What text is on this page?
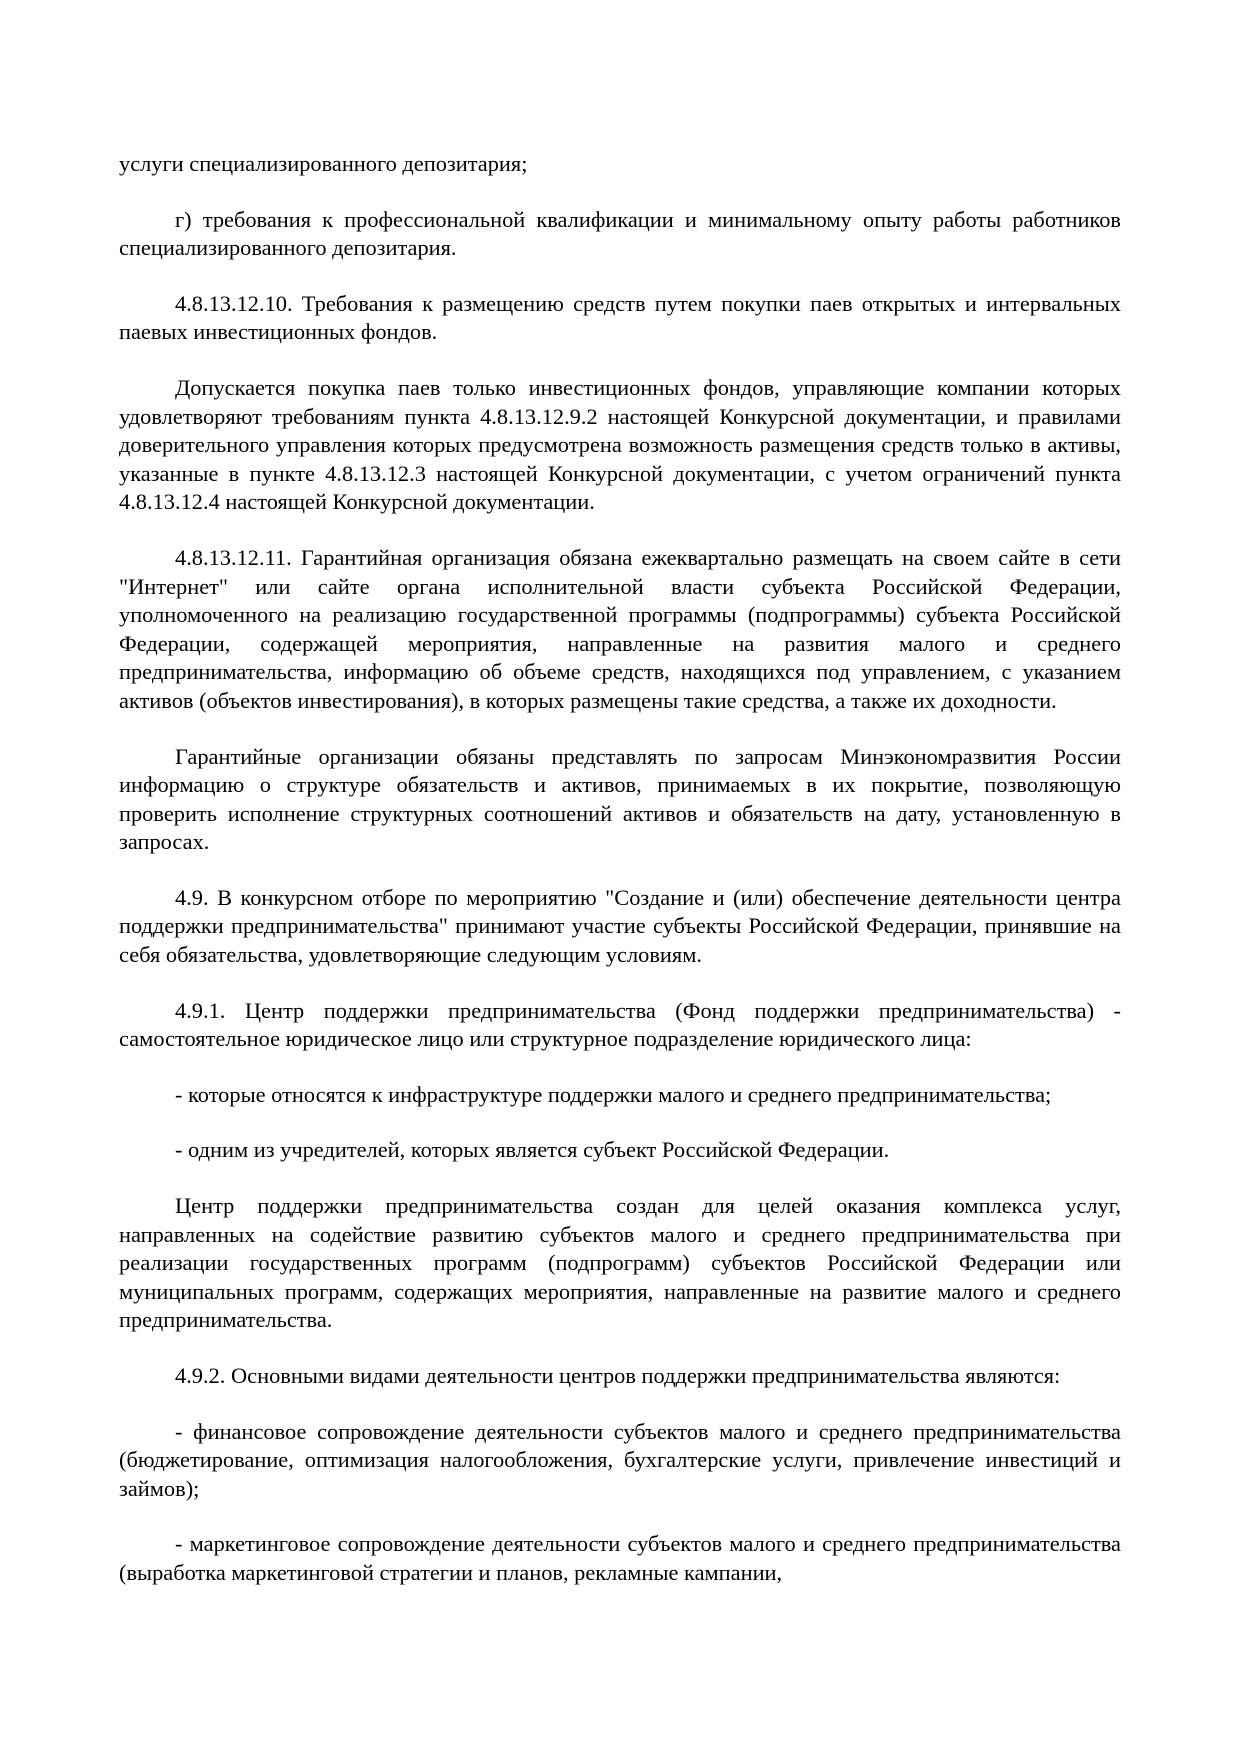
услуги специализированного депозитария;

г) требования к профессиональной квалификации и минимальному опыту работы работников специализированного депозитария.

4.8.13.12.10. Требования к размещению средств путем покупки паев открытых и интервальных паевых инвестиционных фондов.

Допускается покупка паев только инвестиционных фондов, управляющие компании которых удовлетворяют требованиям пункта 4.8.13.12.9.2 настоящей Конкурсной документации, и правилами доверительного управления которых предусмотрена возможность размещения средств только в активы, указанные в пункте 4.8.13.12.3 настоящей Конкурсной документации, с учетом ограничений пункта 4.8.13.12.4 настоящей Конкурсной документации.

4.8.13.12.11. Гарантийная организация обязана ежеквартально размещать на своем сайте в сети "Интернет" или сайте органа исполнительной власти субъекта Российской Федерации, уполномоченного на реализацию государственной программы (подпрограммы) субъекта Российской Федерации, содержащей мероприятия, направленные на развития малого и среднего предпринимательства, информацию об объеме средств, находящихся под управлением, с указанием активов (объектов инвестирования), в которых размещены такие средства, а также их доходности.

Гарантийные организации обязаны представлять по запросам Минэкономразвития России информацию о структуре обязательств и активов, принимаемых в их покрытие, позволяющую проверить исполнение структурных соотношений активов и обязательств на дату, установленную в запросах.

4.9. В конкурсном отборе по мероприятию "Создание и (или) обеспечение деятельности центра поддержки предпринимательства" принимают участие субъекты Российской Федерации, принявшие на себя обязательства, удовлетворяющие следующим условиям.

4.9.1. Центр поддержки предпринимательства (Фонд поддержки предпринимательства) - самостоятельное юридическое лицо или структурное подразделение юридического лица:

- которые относятся к инфраструктуре поддержки малого и среднего предпринимательства;

- одним из учредителей, которых является субъект Российской Федерации.

Центр поддержки предпринимательства создан для целей оказания комплекса услуг, направленных на содействие развитию субъектов малого и среднего предпринимательства при реализации государственных программ (подпрограмм) субъектов Российской Федерации или муниципальных программ, содержащих мероприятия, направленные на развитие малого и среднего предпринимательства.

4.9.2. Основными видами деятельности центров поддержки предпринимательства являются:

- финансовое сопровождение деятельности субъектов малого и среднего предпринимательства (бюджетирование, оптимизация налогообложения, бухгалтерские услуги, привлечение инвестиций и займов);

- маркетинговое сопровождение деятельности субъектов малого и среднего предпринимательства (выработка маркетинговой стратегии и планов, рекламные кампании,
